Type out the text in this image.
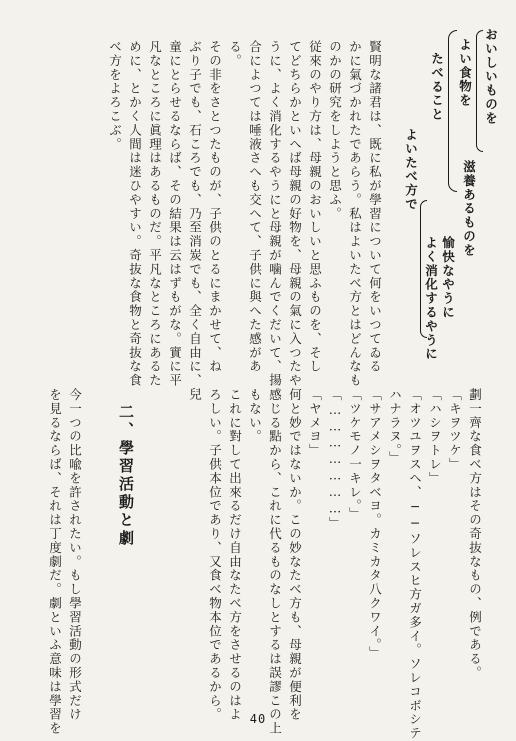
たべること よい食物を
よいたべ方で
おいしいものを
滋養あるものを
愉快なやうに
よく消化するやうに
賢明な諸君は、既に私が學習について何をいつてゐる
かに氣づかれたであらう。私はよいたべ方とはどんなも
のかの研究をしようと思ふ。
従來のやり方は、母親のおいしいと思ふものを、そし
てどちらかといへば母親の好物を、母親の氣に入つたや
うに、よく消化するやうにと母親が噛んでくだいて、揚
合によつては唾液さへも交へて、子供に與へた感があ
る。
その非をさとつたものが、子供のとるにまかせて、ね
ぶり子でも、石ころでも、乃至消炭でも、全く自由に、兒
童にとらせるならば、その結果は云はずもがな。實に平
凡なところに眞理はあるものだ。平凡なところにあるた
めに、とかく人間は迷ひやすい。奇抜な食物と奇抜な食
べ方をよろこぶ。
劃一齊な食べ方はその奇抜なもの、例である。
「キヲツケ」
「ハシヲトレ」
「オツユヲスヘ、──ソレスヒ方ガ多イ。ソレコボシテ
ハナラヌ。」
「サアメシヲタベヨ。カミカタ八クワイ。」
「ツケモノ一キレ。」
「…………………」
「ヤメヨ」
何と妙ではないか。この妙なたべ方も、母親が便利を
感じる點から、これに代るものなしとするは誤謬この上
もない。
これに對して出來るだけ自由なたべ方をさせるのはよ
ろしい。子供本位であり、又食べ物本位であるから。
二、學習活動と劇
今一つの比喩を許されたい。もし學習活動の形式だけ
を見るならば、それは丁度劇だ。劇といふ意味は學習を	40
